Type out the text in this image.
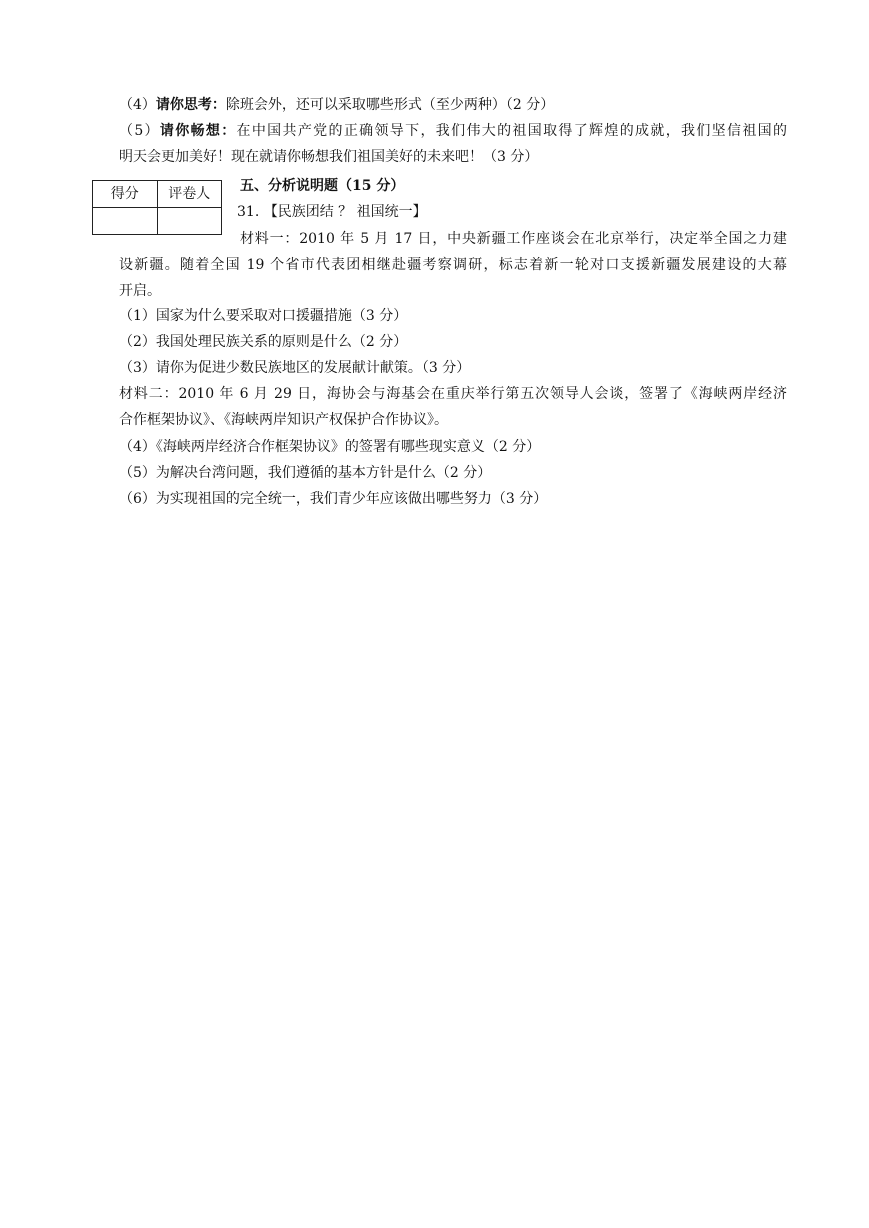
（4）请你思考：除班会外，还可以采取哪些形式（至少两种）（2 分）
（5）请你畅想：在中国共产党的正确领导下，我们伟大的祖国取得了辉煌的成就，我们坚信祖国的
明天会更加美好！现在就请你畅想我们祖国美好的未来吧！（3 分）
得分	评卷人
	五、分析说明题（15 分）
31. 【民族团结 ？ 祖国统一】
材料一：2010 年 5 月 17 日，中央新疆工作座谈会在北京举行，决定举全国之力建
设新疆。随着全国 19 个省市代表团相继赴疆考察调研，标志着新一轮对口支援新疆发展建设的大幕
开启。
（1）国家为什么要采取对口援疆措施（3 分）
（2）我国处理民族关系的原则是什么（2 分）
（3）请你为促进少数民族地区的发展献计献策。（3 分）
材料二：2010 年 6 月 29 日，海协会与海基会在重庆举行第五次领导人会谈，签署了《海峡两岸经济
合作框架协议》、《海峡两岸知识产权保护合作协议》。
（4）《海峡两岸经济合作框架协议》的签署有哪些现实意义（2 分）
（5）为解决台湾问题，我们遵循的基本方针是什么（2 分）
（6）为实现祖国的完全统一，我们青少年应该做出哪些努力（3 分）
